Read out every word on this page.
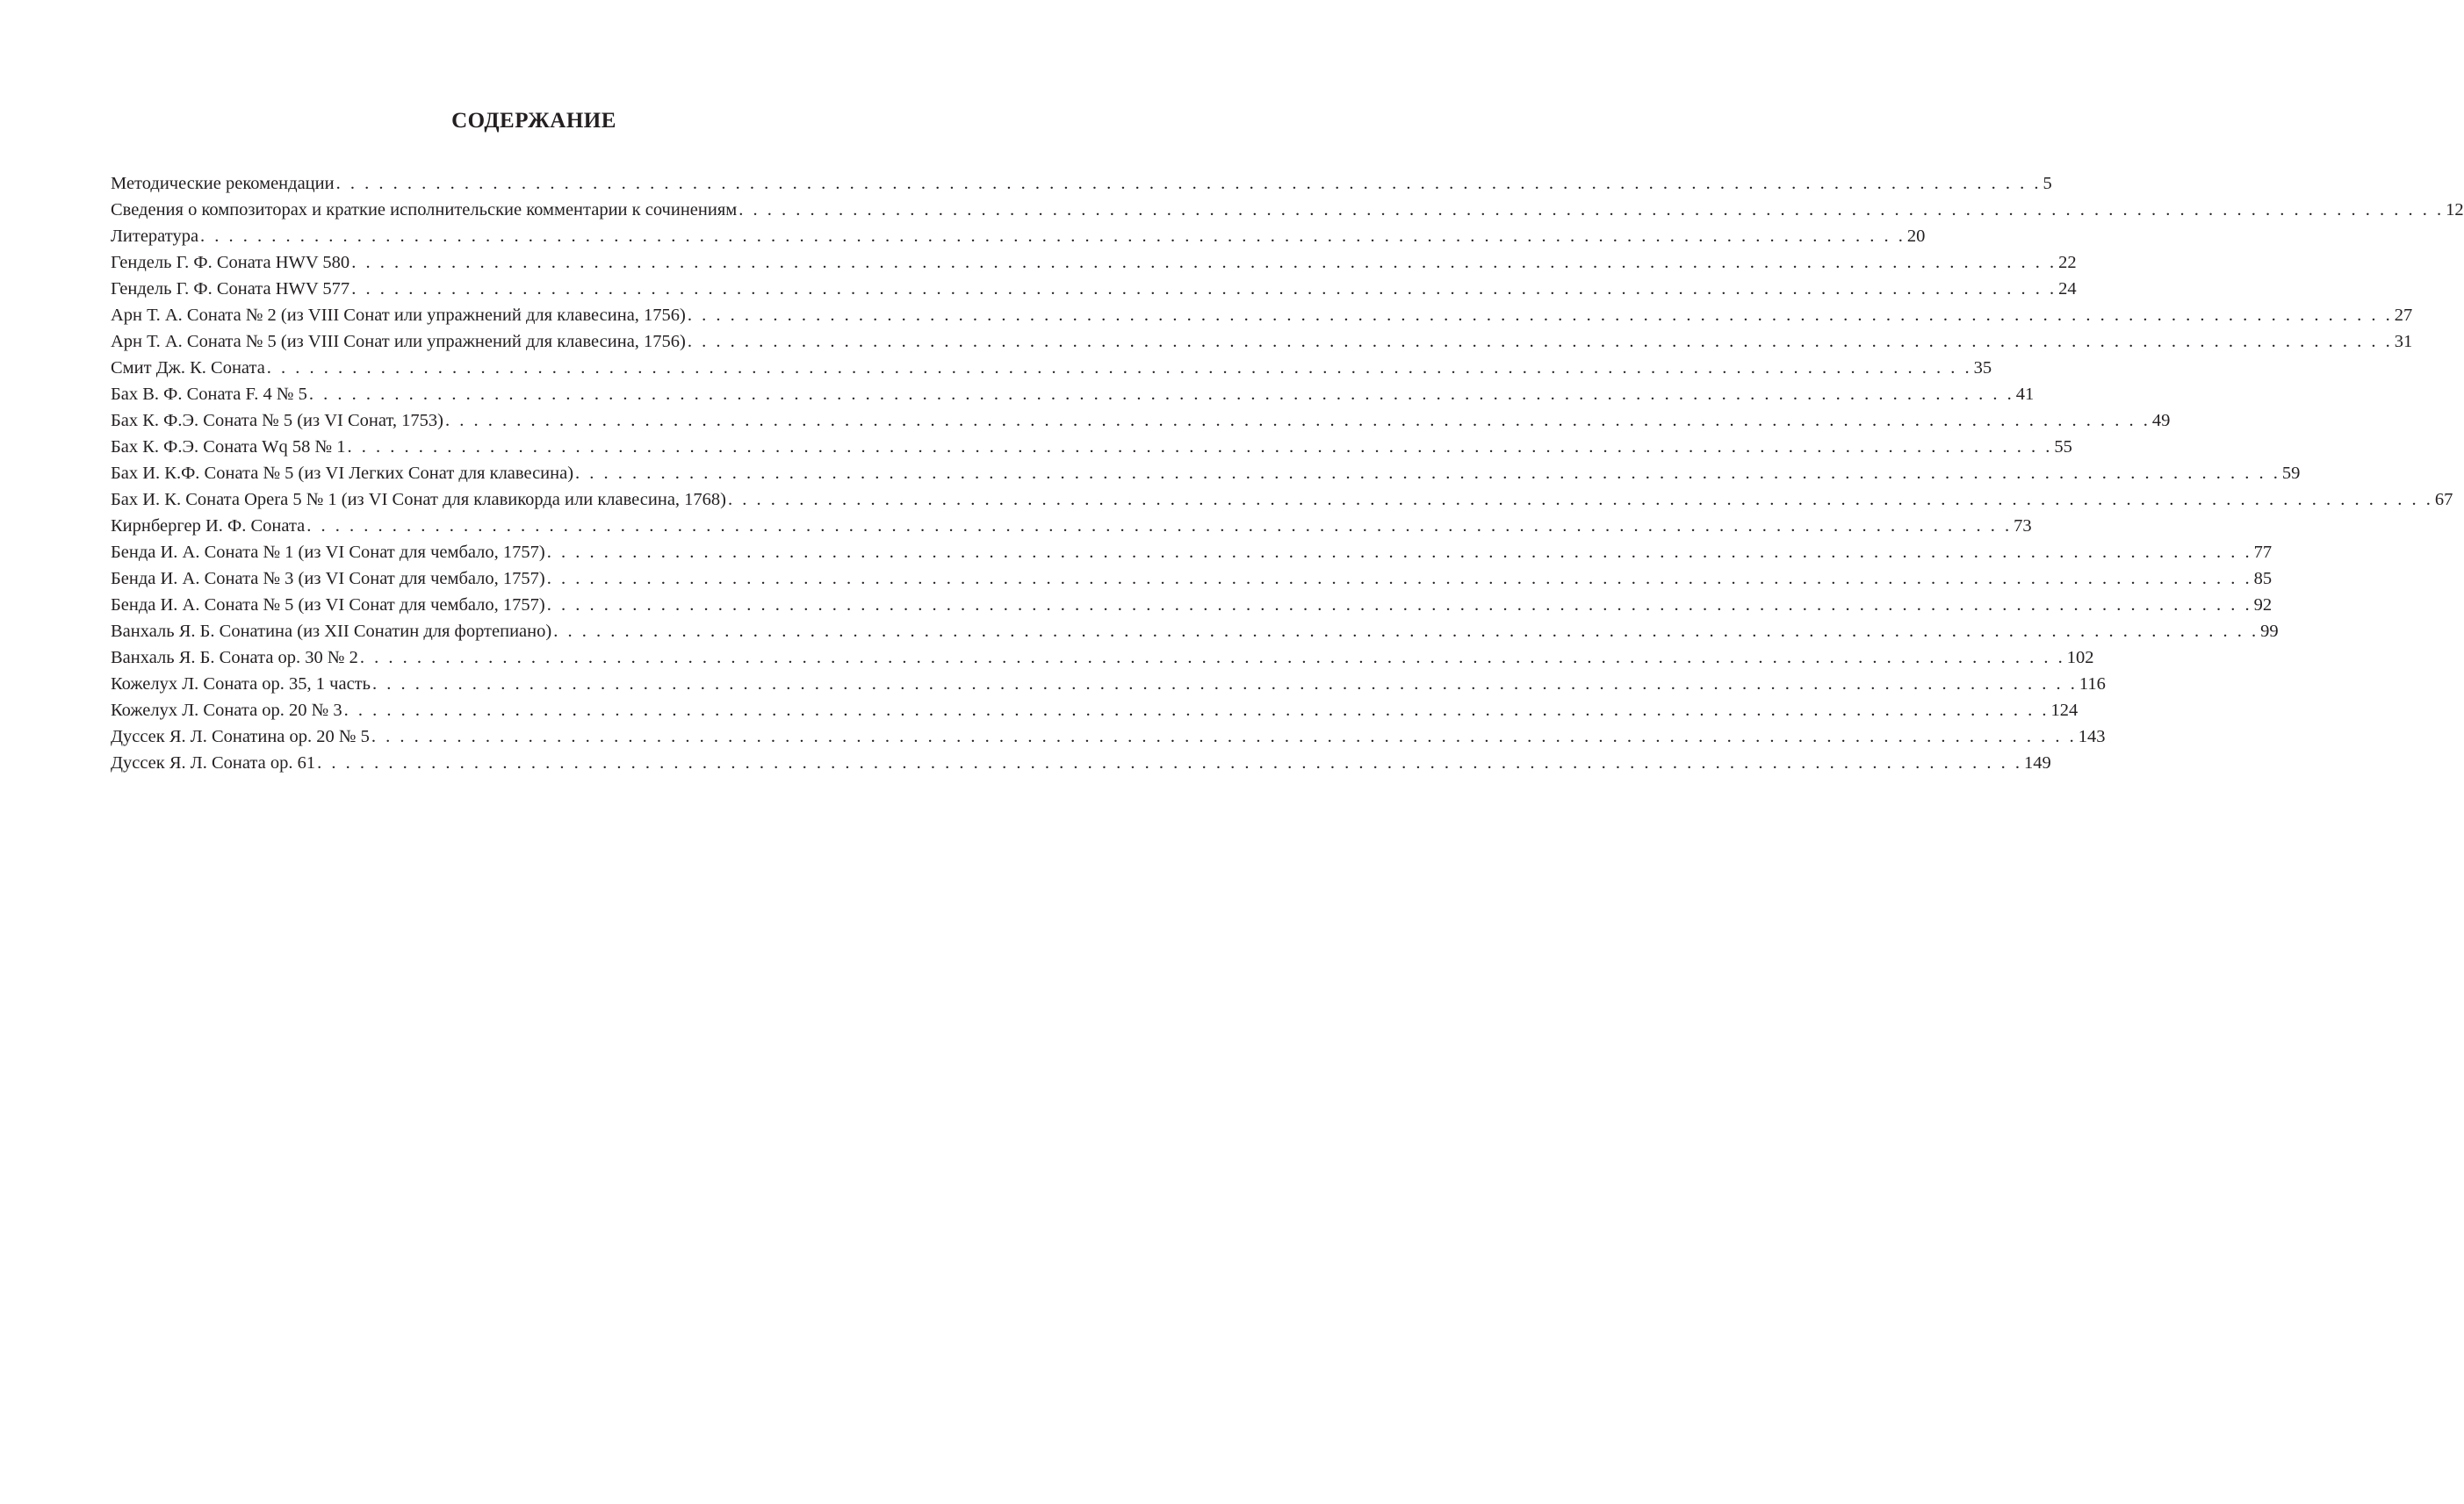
СОДЕРЖАНИЕ
Методические рекомендации . . . . . . . . . . . . . . . . . . . . . . . . . . . . . . . . . . . . . . . . . . . . . . . . . . . . . . . . . . . . . . . . . . . . . . . . . . . . . . . . . . . . . . . . . . . . . . . . . . . . . . . . . . . . . . . . . . . . . . . . 5
Сведения о композиторах и краткие исполнительские комментарии к сочинениям . . . . . . . . . . . . . . . . . . . . . . . . . . . . . . . . . . . . . . . . . . . . . . . . . . . . . . . . . . . . . . . . . . . . . . . . . . . . . . . . . . . . . . . . . . . . . . . . . . . . . . . . . . . . . . . . . . . . . . . . 12
Литература . . . . . . . . . . . . . . . . . . . . . . . . . . . . . . . . . . . . . . . . . . . . . . . . . . . . . . . . . . . . . . . . . . . . . . . . . . . . . . . . . . . . . . . . . . . . . . . . . . . . . . . . . . . . . . . . . . . . . . . . 20
Гендель Г. Ф. Соната HWV 580 . . . . . . . . . . . . . . . . . . . . . . . . . . . . . . . . . . . . . . . . . . . . . . . . . . . . . . . . . . . . . . . . . . . . . . . . . . . . . . . . . . . . . . . . . . . . . . . . . . . . . . . . . . . . . . . . . . . . . . . . 22
Гендель Г. Ф. Соната HWV 577 . . . . . . . . . . . . . . . . . . . . . . . . . . . . . . . . . . . . . . . . . . . . . . . . . . . . . . . . . . . . . . . . . . . . . . . . . . . . . . . . . . . . . . . . . . . . . . . . . . . . . . . . . . . . . . . . . . . . . . . . 24
Арн Т. А. Соната № 2 (из VIII Сонат или упражнений для клавесина, 1756) . . . . . . . . . . . . . . . . . . . . . . . . . . . . . . . . . . . . . . . . . . . . . . . . . . . . . . . . . . . . . . . . . . . . . . . . . . . . . . . . . . . . . . . . . . . . . . . . . . . . . . . . . . . . . . . . . . . . . . . . 27
Арн Т. А. Соната № 5 (из VIII Сонат или упражнений для клавесина, 1756) . . . . . . . . . . . . . . . . . . . . . . . . . . . . . . . . . . . . . . . . . . . . . . . . . . . . . . . . . . . . . . . . . . . . . . . . . . . . . . . . . . . . . . . . . . . . . . . . . . . . . . . . . . . . . . . . . . . . . . . . 31
Смит Дж. К. Соната . . . . . . . . . . . . . . . . . . . . . . . . . . . . . . . . . . . . . . . . . . . . . . . . . . . . . . . . . . . . . . . . . . . . . . . . . . . . . . . . . . . . . . . . . . . . . . . . . . . . . . . . . . . . . . . . . . . . . . . . 35
Бах В. Ф. Соната F. 4 № 5 . . . . . . . . . . . . . . . . . . . . . . . . . . . . . . . . . . . . . . . . . . . . . . . . . . . . . . . . . . . . . . . . . . . . . . . . . . . . . . . . . . . . . . . . . . . . . . . . . . . . . . . . . . . . . . . . . . . . . . . . 41
Бах К. Ф.Э. Соната № 5 (из VI Сонат, 1753) . . . . . . . . . . . . . . . . . . . . . . . . . . . . . . . . . . . . . . . . . . . . . . . . . . . . . . . . . . . . . . . . . . . . . . . . . . . . . . . . . . . . . . . . . . . . . . . . . . . . . . . . . . . . . . . . . . . . . . . . 49
Бах К. Ф.Э. Соната Wq 58 № 1 . . . . . . . . . . . . . . . . . . . . . . . . . . . . . . . . . . . . . . . . . . . . . . . . . . . . . . . . . . . . . . . . . . . . . . . . . . . . . . . . . . . . . . . . . . . . . . . . . . . . . . . . . . . . . . . . . . . . . . . . 55
Бах И. К.Ф. Соната № 5 (из VI Легких Сонат для клавесина) . . . . . . . . . . . . . . . . . . . . . . . . . . . . . . . . . . . . . . . . . . . . . . . . . . . . . . . . . . . . . . . . . . . . . . . . . . . . . . . . . . . . . . . . . . . . . . . . . . . . . . . . . . . . . . . . . . . . . . . . 59
Бах И. К. Соната Opera 5 № 1 (из VI Сонат для клавикорда или клавесина, 1768) . . . . . . . . . . . . . . . . . . . . . . . . . . . . . . . . . . . . . . . . . . . . . . . . . . . . . . . . . . . . . . . . . . . . . . . . . . . . . . . . . . . . . . . . . . . . . . . . . . . . . . . . . . . . . . . . . . . . . . . . 67
Кирнбергер И. Ф. Соната . . . . . . . . . . . . . . . . . . . . . . . . . . . . . . . . . . . . . . . . . . . . . . . . . . . . . . . . . . . . . . . . . . . . . . . . . . . . . . . . . . . . . . . . . . . . . . . . . . . . . . . . . . . . . . . . . . . . . . . . 73
Бенда И. А. Соната № 1 (из VI Сонат для чембало, 1757) . . . . . . . . . . . . . . . . . . . . . . . . . . . . . . . . . . . . . . . . . . . . . . . . . . . . . . . . . . . . . . . . . . . . . . . . . . . . . . . . . . . . . . . . . . . . . . . . . . . . . . . . . . . . . . . . . . . . . . . . 77
Бенда И. А. Соната № 3 (из VI Сонат для чембало, 1757) . . . . . . . . . . . . . . . . . . . . . . . . . . . . . . . . . . . . . . . . . . . . . . . . . . . . . . . . . . . . . . . . . . . . . . . . . . . . . . . . . . . . . . . . . . . . . . . . . . . . . . . . . . . . . . . . . . . . . . . . 85
Бенда И. А. Соната № 5 (из VI Сонат для чембало, 1757) . . . . . . . . . . . . . . . . . . . . . . . . . . . . . . . . . . . . . . . . . . . . . . . . . . . . . . . . . . . . . . . . . . . . . . . . . . . . . . . . . . . . . . . . . . . . . . . . . . . . . . . . . . . . . . . . . . . . . . . . 92
Ванхаль Я. Б. Сонатина (из XII Сонатин для фортепиано) . . . . . . . . . . . . . . . . . . . . . . . . . . . . . . . . . . . . . . . . . . . . . . . . . . . . . . . . . . . . . . . . . . . . . . . . . . . . . . . . . . . . . . . . . . . . . . . . . . . . . . . . . . . . . . . . . . . . . . . . 99
Ванхаль Я. Б. Соната ор. 30 № 2 . . . . . . . . . . . . . . . . . . . . . . . . . . . . . . . . . . . . . . . . . . . . . . . . . . . . . . . . . . . . . . . . . . . . . . . . . . . . . . . . . . . . . . . . . . . . . . . . . . . . . . . . . . . . . . . . . . . . . . . . 102
Кожелух Л. Соната ор. 35, 1 часть . . . . . . . . . . . . . . . . . . . . . . . . . . . . . . . . . . . . . . . . . . . . . . . . . . . . . . . . . . . . . . . . . . . . . . . . . . . . . . . . . . . . . . . . . . . . . . . . . . . . . . . . . . . . . . . . . . . . . . . . 116
Кожелух Л. Соната ор. 20 № 3 . . . . . . . . . . . . . . . . . . . . . . . . . . . . . . . . . . . . . . . . . . . . . . . . . . . . . . . . . . . . . . . . . . . . . . . . . . . . . . . . . . . . . . . . . . . . . . . . . . . . . . . . . . . . . . . . . . . . . . . . 124
Дуссек Я. Л. Сонатина ор. 20 № 5 . . . . . . . . . . . . . . . . . . . . . . . . . . . . . . . . . . . . . . . . . . . . . . . . . . . . . . . . . . . . . . . . . . . . . . . . . . . . . . . . . . . . . . . . . . . . . . . . . . . . . . . . . . . . . . . . . . . . . . . . 143
Дуссек Я. Л. Соната ор. 61 . . . . . . . . . . . . . . . . . . . . . . . . . . . . . . . . . . . . . . . . . . . . . . . . . . . . . . . . . . . . . . . . . . . . . . . . . . . . . . . . . . . . . . . . . . . . . . . . . . . . . . . . . . . . . . . . . . . . . . . . 149
